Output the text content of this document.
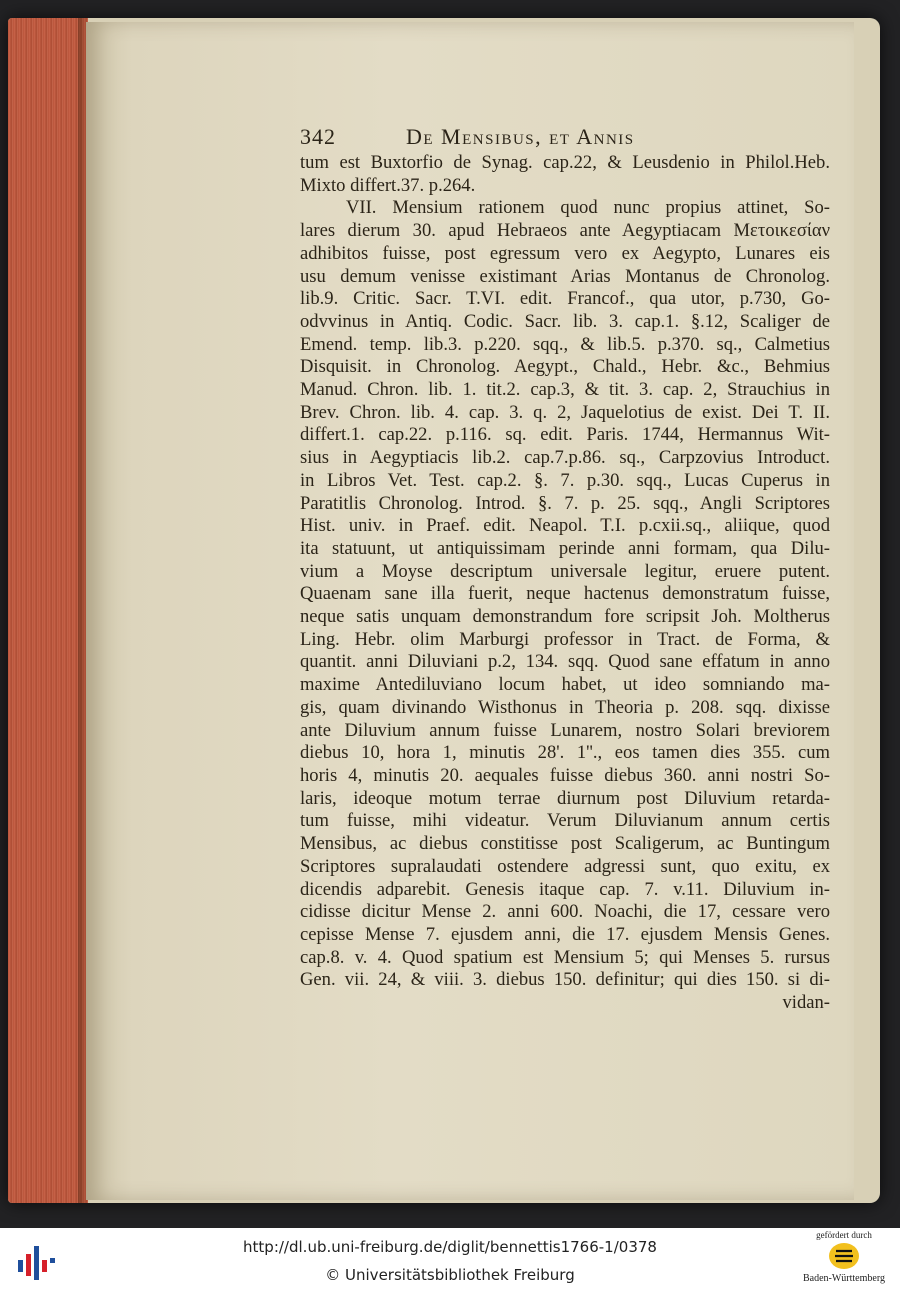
342	De Mensibus, et Annis
tum est Buxtorfio de Synag. cap.22, & Leusdenio in Philol.Heb.
Mixto differt.37. p.264.
VII. Mensium rationem quod nunc propius attinet, So-
lares dierum 30. apud Hebraeos ante Aegyptiacam Μετοικεσίαν
adhibitos fuisse, post egressum vero ex Aegypto, Lunares eis
usu demum venisse existimant Arias Montanus de Chronolog.
lib.9. Critic. Sacr. T.VI. edit. Francof., qua utor, p.730, Go-
odvvinus in Antiq. Codic. Sacr. lib. 3. cap.1. §.12, Scaliger de
Emend. temp. lib.3. p.220. sqq., & lib.5. p.370. sq., Calmetius
Disquisit. in Chronolog. Aegypt., Chald., Hebr. &c., Behmius
Manud. Chron. lib. 1. tit.2. cap.3, & tit. 3. cap. 2, Strauchius in
Brev. Chron. lib. 4. cap. 3. q. 2, Jaquelotius de exist. Dei T. II.
differt.1. cap.22. p.116. sq. edit. Paris. 1744, Hermannus Wit-
sius in Aegyptiacis lib.2. cap.7.p.86. sq., Carpzovius Introduct.
in Libros Vet. Test. cap.2. §. 7. p.30. sqq., Lucas Cuperus in
Paratitlis Chronolog. Introd. §. 7. p. 25. sqq., Angli Scriptores
Hist. univ. in Praef. edit. Neapol. T.I. p.cxii.sq., aliique, quod
ita statuunt, ut antiquissimam perinde anni formam, qua Dilu-
vium a Moyse descriptum universale legitur, eruere putent.
Quaenam sane illa fuerit, neque hactenus demonstratum fuisse,
neque satis unquam demonstrandum fore scripsit Joh. Moltherus
Ling. Hebr. olim Marburgi professor in Tract. de Forma, &
quantit. anni Diluviani p.2, 134. sqq. Quod sane effatum in anno
maxime Antediluviano locum habet, ut ideo somniando ma-
gis, quam divinando Wisthonus in Theoria p. 208. sqq. dixisse
ante Diluvium annum fuisse Lunarem, nostro Solari breviorem
diebus 10, hora 1, minutis 28'. 1''., eos tamen dies 355. cum
horis 4, minutis 20. aequales fuisse diebus 360. anni nostri So-
laris, ideoque motum terrae diurnum post Diluvium retarda-
tum fuisse, mihi videatur. Verum Diluvianum annum certis
Mensibus, ac diebus constitisse post Scaligerum, ac Buntingum
Scriptores supralaudati ostendere adgressi sunt, quo exitu, ex
dicendis adparebit. Genesis itaque cap. 7. v.11. Diluvium in-
cidisse dicitur Mense 2. anni 600. Noachi, die 17, cessare vero
cepisse Mense 7. ejusdem anni, die 17. ejusdem Mensis Genes.
cap.8. v. 4. Quod spatium est Mensium 5; qui Menses 5. rursus
Gen. vii. 24, & viii. 3. diebus 150. definitur; qui dies 150. si di-
vidan-
http://dl.ub.uni-freiburg.de/diglit/bennettis1766-1/0378
© Universitätsbibliothek Freiburg
gefördert durch
Baden-Württemberg
